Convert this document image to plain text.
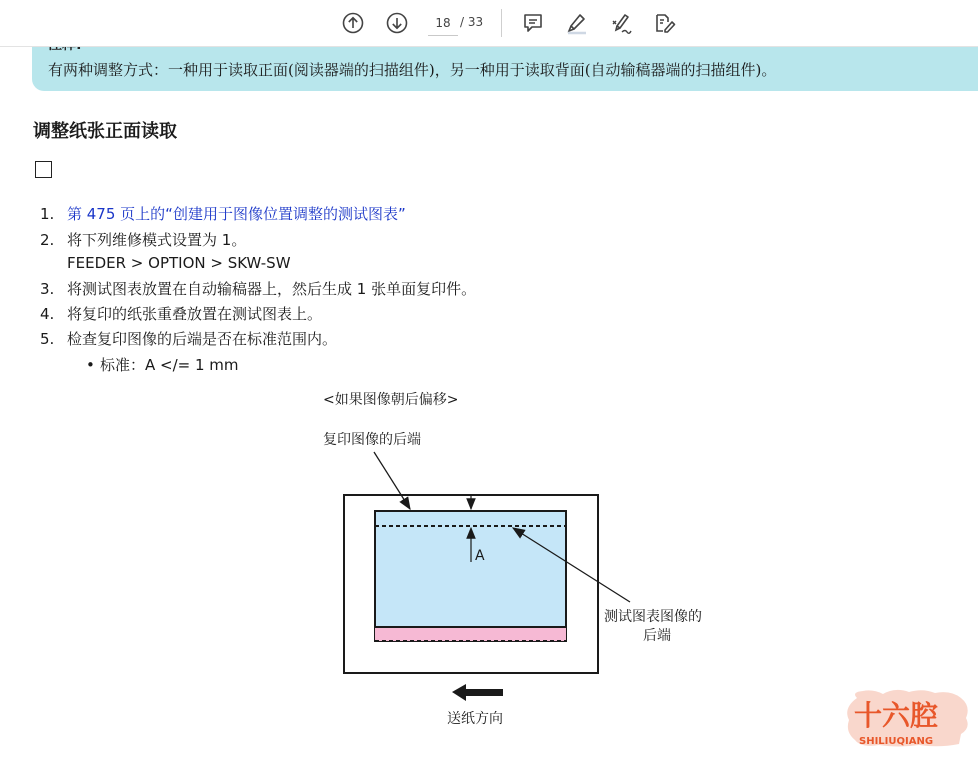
18 / 33
有两种调整方式：一种用于读取正面(阅读器端的扫描组件)，另一种用于读取背面(自动输稿器端的扫描组件)。
调整纸张正面读取
1. 第 475 页上的“创建用于图像位置调整的测试图表”
2. 将下列维修模式设置为 1。
FEEDER > OPTION > SKW-SW
3. 将测试图表放置在自动输稿器上，然后生成 1 张单面复印件。
4. 将复印的纸张重叠放置在测试图表上。
5. 检查复印图像的后端是否在标准范围内。
• 标准：A </= 1 mm
<如果图像朝后偏移>
复印图像的后端
A
测试图表图像的
后端
送纸方向	十六腔
SHILIUQIANG
